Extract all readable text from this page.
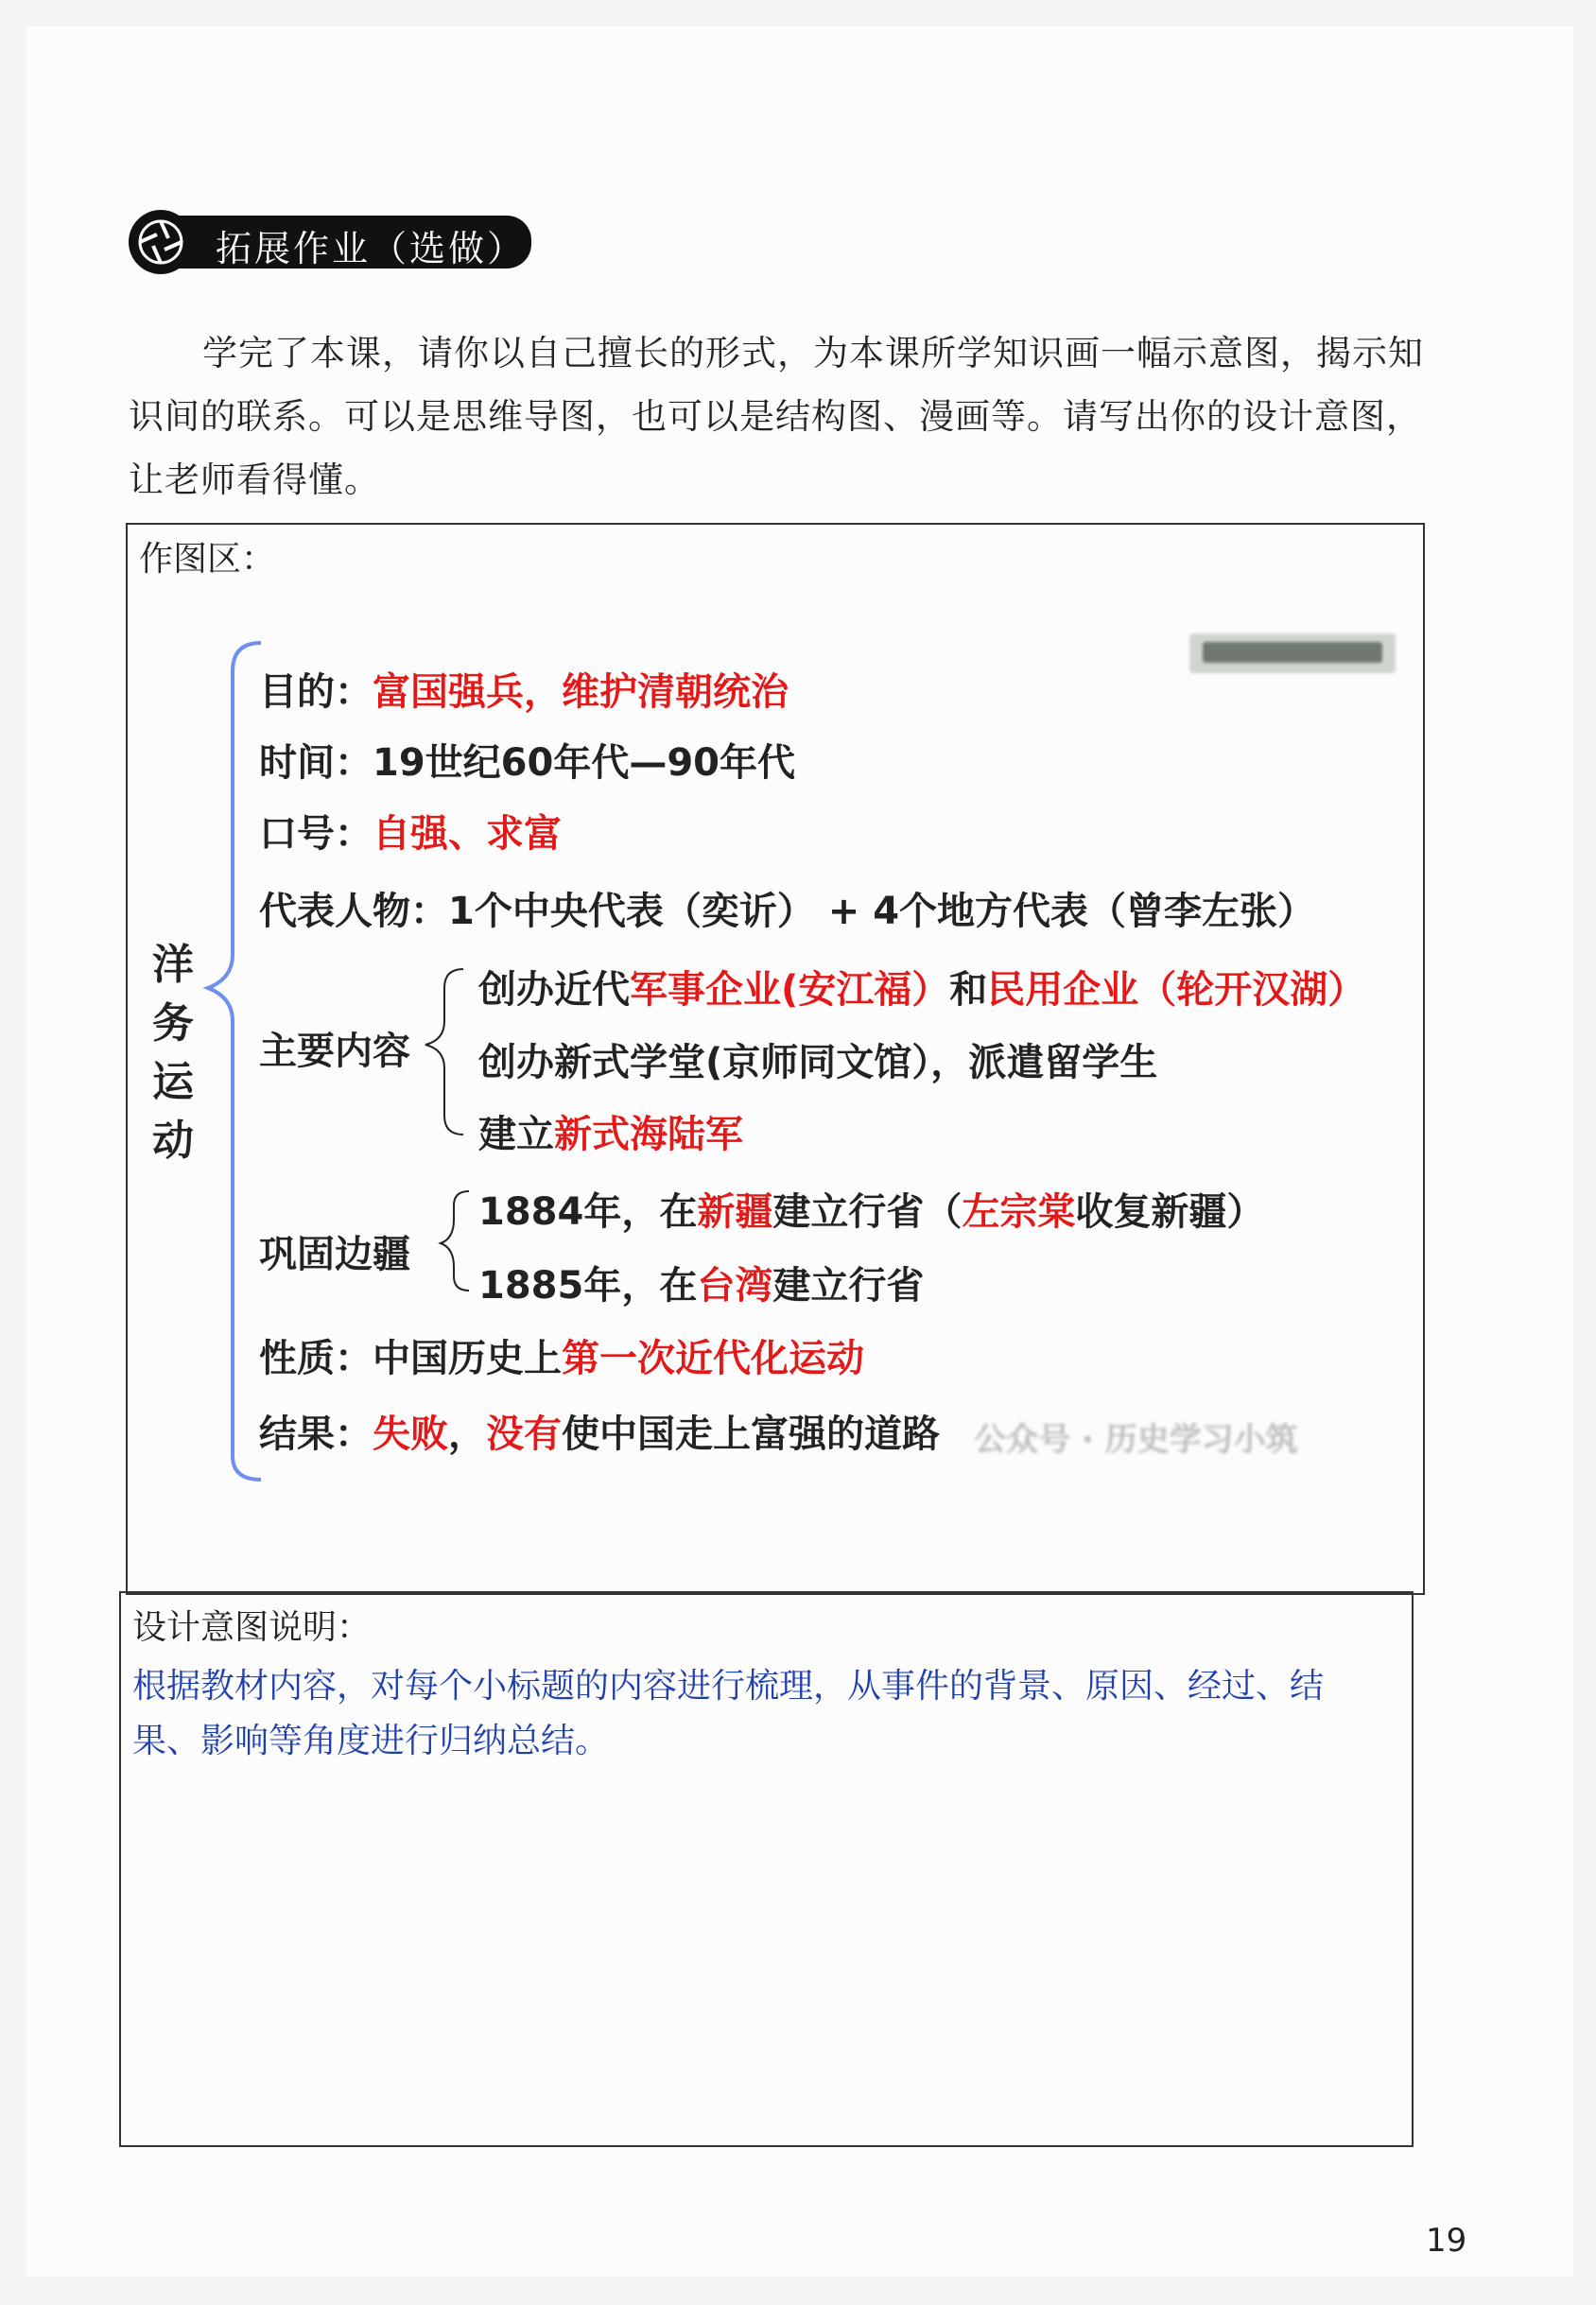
拓展作业（选做）
学完了本课，请你以自己擅长的形式，为本课所学知识画一幅示意图，揭示知识间的联系。可以是思维导图，也可以是结构图、漫画等。请写出你的设计意图，让老师看得懂。
作图区：
洋务运动
目的：富国强兵，维护清朝统治
时间：19世纪60年代—90年代
口号：自强、求富
代表人物：1个中央代表（奕䜣） + 4个地方代表（曾李左张）
主要内容
创办近代军事企业(安江福）和民用企业（轮开汉湖）
创办新式学堂(京师同文馆），派遣留学生
建立新式海陆军
巩固边疆
1884年，在新疆建立行省（左宗棠收复新疆）
1885年，在台湾建立行省
性质：中国历史上第一次近代化运动
结果：失败，没有使中国走上富强的道路 公众号 · 历史学习小筑
设计意图说明：
根据教材内容，对每个小标题的内容进行梳理，从事件的背景、原因、经过、结果、影响等角度进行归纳总结。
19
